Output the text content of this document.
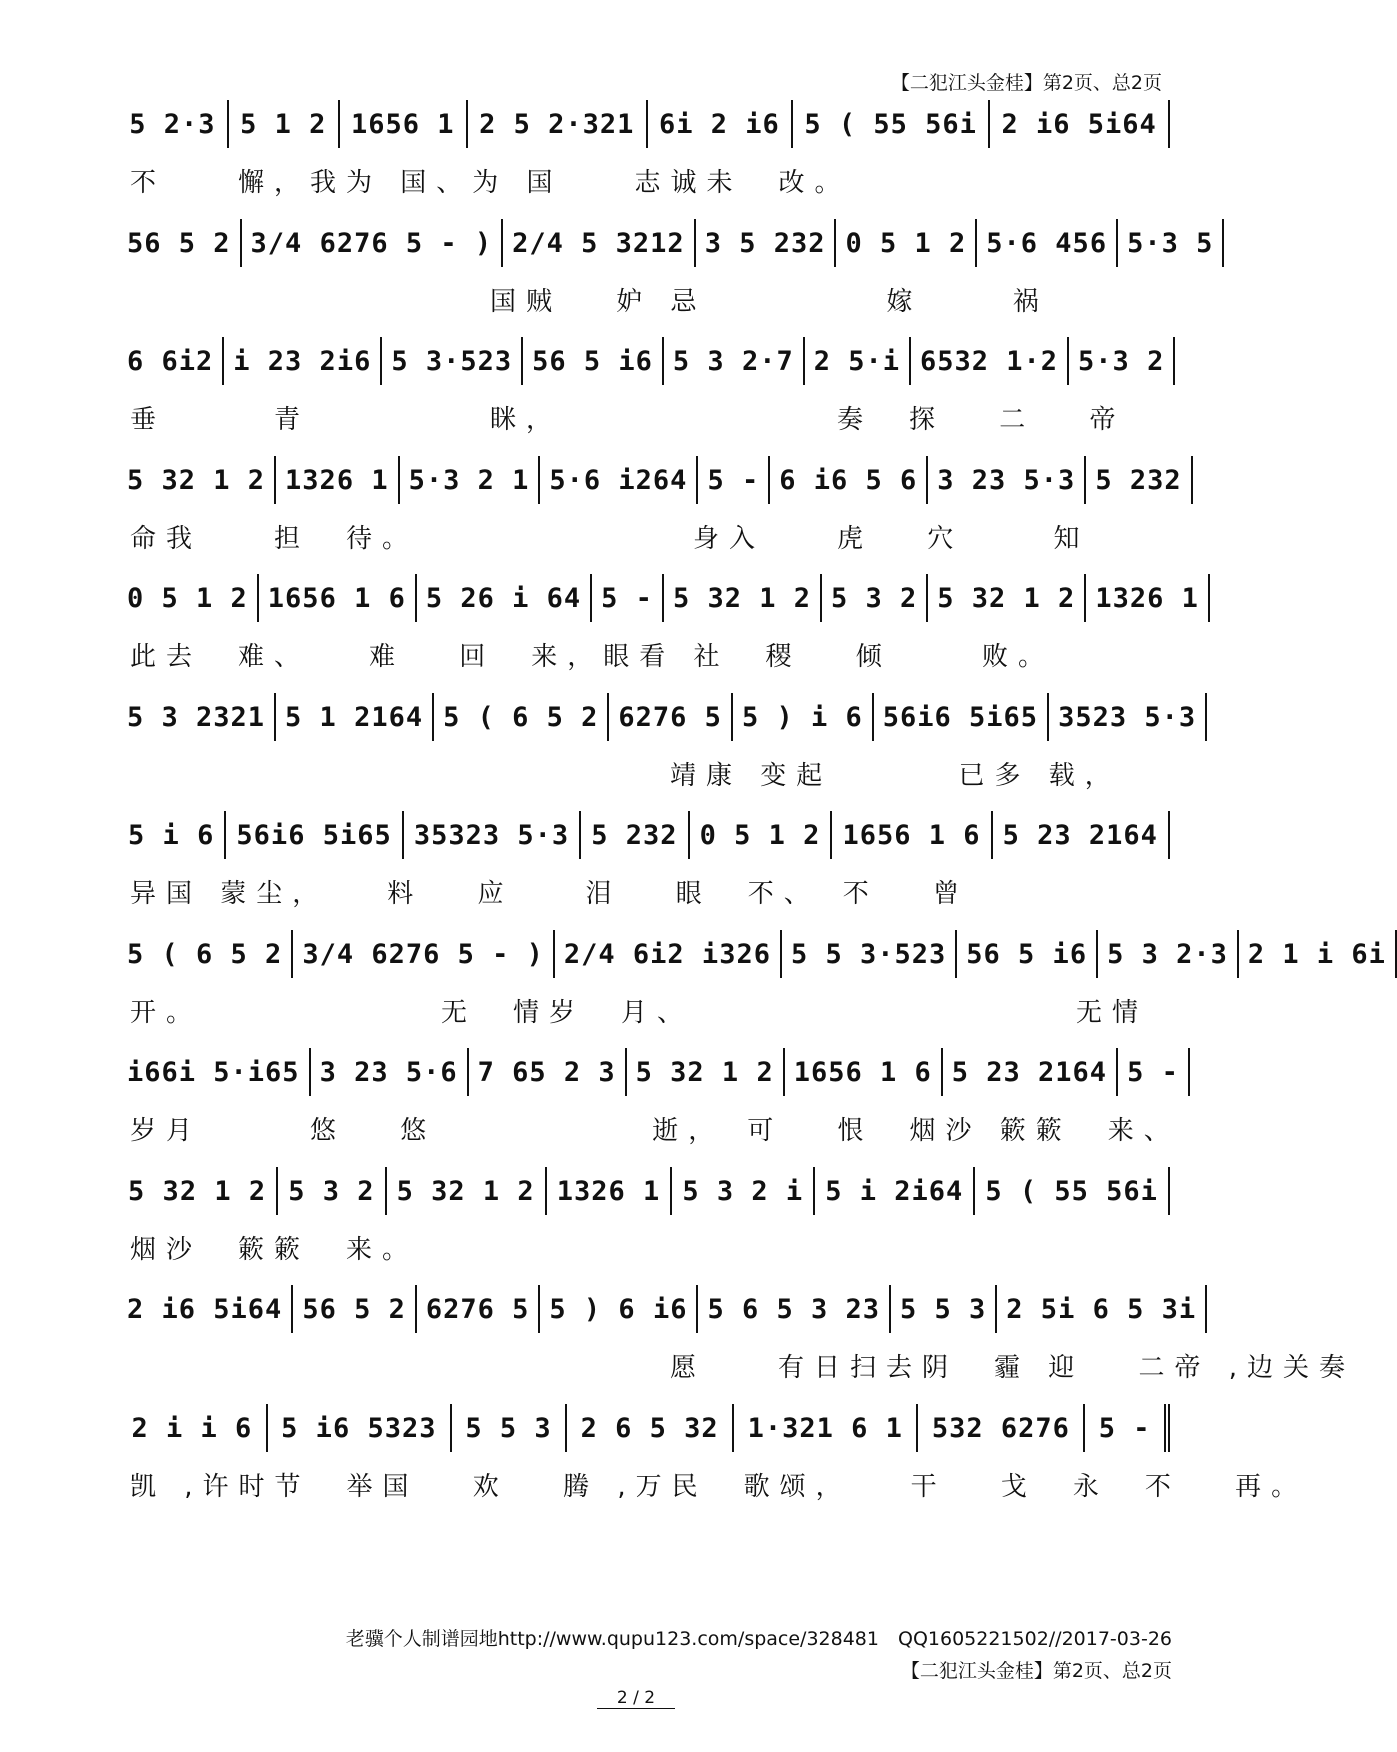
【二犯江头金桂】第2页、总2页
5 2·3 5 1 2 1656 1 2 5 2·321 6i 2 i6 5 ( 55 56i 2 i6 5i64
不　　懈，我为 国、为 国　　志诚未　改。
56 5 2 3/4 6276 5 - ) 2/4 5 3212 3 5 232 0 5 1 2 5·6 456 5·3 5
　　　　　　　　　　国贼　 妒 忌　　　　　嫁　　 祸
6 6i2 i 23 2i6 5 3·523 56 5 i6 5 3 2·7 2 5·i 6532 1·2 5·3 2
垂　　　青　　　　　眯，　　　　　　　　奏　探　 二　 帝
5 32 1 2 1326 1 5·3 2 1 5·6 i264 5 - 6 i6 5 6 3 23 5·3 5 232
命我　　担　待。　　　　　　　　身入　　虎　 穴　　 知
0 5 1 2 1656 1 6 5 26 i 64 5 - 5 32 1 2 5 3 2 5 32 1 2 1326 1
此去　难、　　难　 回　来，眼看 社　稷　 倾　　 败。
5 3 2321 5 1 2164 5 ( 6 5 2 6276 5 5 ) i 6 56i6 5i65 3523 5·3
　　　　　　　　　　　　　　　靖康 变起　　　 已多 载，
5 i 6 56i6 5i65 35323 5·3 5 232 0 5 1 2 1656 1 6 5 23 2164
异国 蒙尘，　　料　 应　　泪　 眼　不、　不　 曾
5 ( 6 5 2 3/4 6276 5 - ) 2/4 6i2 i326 5 5 3·523 56 5 i6 5 3 2·3 2 1 i 6i
开。　　　　　　　无　情岁　月、　　　　　　　　　　　无情
i66i 5·i65 3 23 5·6 7 65 2 3 5 32 1 2 1656 1 6 5 23 2164 5 -
岁月　　　悠　 悠　　　　　　逝，　可　 恨　烟沙 簌簌　来、
5 32 1 2 5 3 2 5 32 1 2 1326 1 5 3 2 i 5 i 2i64 5 ( 55 56i
烟沙　簌簌　来。
2 i6 5i64 56 5 2 6276 5 5 ) 6 i6 5 6 5 3 23 5 5 3 2 5i 6 5 3i
　　　　　　　　　　　　　　　愿　　有日扫去阴　霾 迎　 二帝 ,边关奏
2 i i 6 5 i6 5323 5 5 3 2 6 5 32 1·321 6 1 532 6276 5 -
凯 ,许时节　举国　 欢　 腾 ,万民　歌颂，　　干　 戈　永　不　 再。
老骥个人制谱园地http://www.qupu123.com/space/328481　QQ1605221502//2017-03-26
【二犯江头金桂】第2页、总2页
2 / 2
